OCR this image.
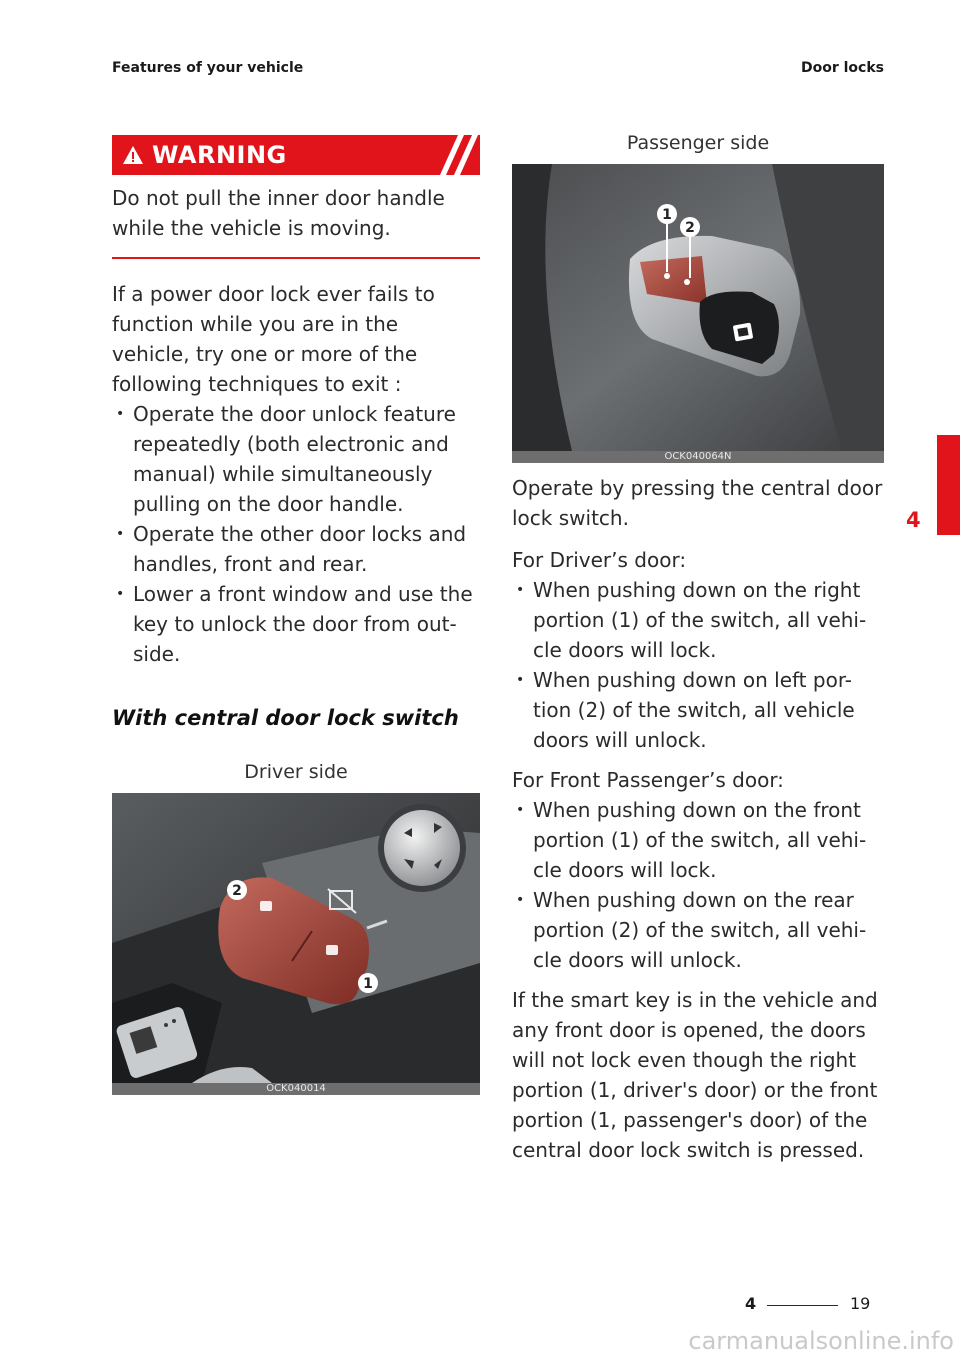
Features of your vehicle	Door locks
WARNING
Do not pull the inner door handle while the vehicle is moving.

If a power door lock ever fails to function while you are in the vehicle, try one or more of the following techniques to exit :

• Operate the door unlock feature repeatedly (both electronic and manual) while simultaneously pulling on the door handle.
• Operate the other door locks and handles, front and rear.
• Lower a front window and use the key to unlock the door from out-side.
With central door lock switch
Driver side
2
1
OCK040014
Passenger side
1
2
OCK040064N

Operate by pressing the central door lock switch.

For Driver’s door:

• When pushing down on the right portion (1) of the switch, all vehi-cle doors will lock.
• When pushing down on left por-tion (2) of the switch, all vehicle doors will unlock.

For Front Passenger’s door:

• When pushing down on the front portion (1) of the switch, all vehi-cle doors will lock.
• When pushing down on the rear portion (2) of the switch, all vehi-cle doors will unlock.

If the smart key is in the vehicle and any front door is opened, the doors will not lock even though the right portion (1, driver's door) or the front portion (1, passenger's door) of the central door lock switch is pressed.

4
4	19
carmanualsonline.info
